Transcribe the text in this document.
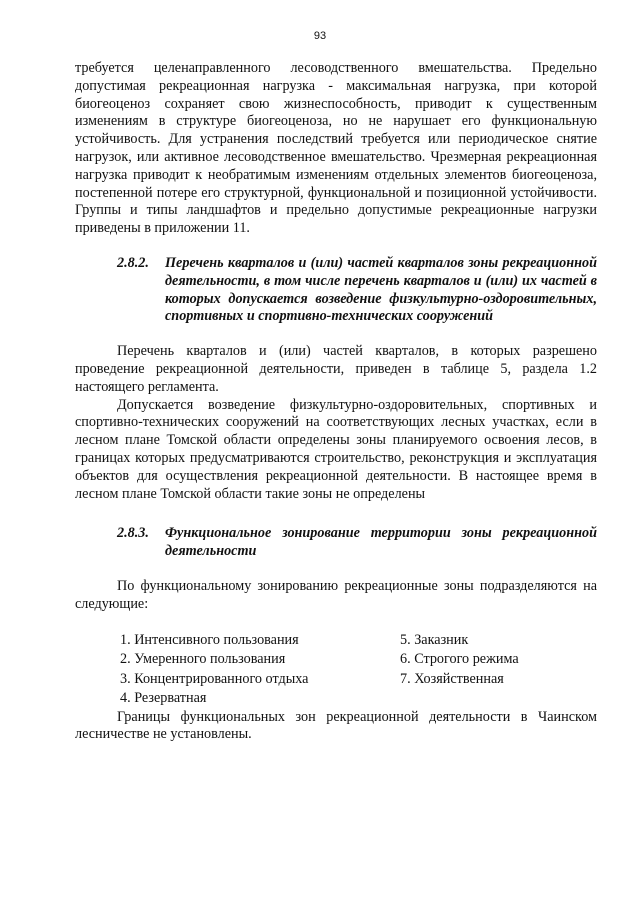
93

требуется целенаправленного лесоводственного вмешательства. Предельно допустимая рекреационная нагрузка - максимальная нагрузка, при которой биогеоценоз сохраняет свою жизнеспособность, приводит к существенным изменениям в структуре биогеоценоза, но не нарушает его функциональную устойчивость. Для устранения последствий требуется или периодическое снятие нагрузок, или активное лесоводственное вмешательство. Чрезмерная рекреационная нагрузка приводит к необратимым изменениям отдельных элементов биогеоценоза, постепенной потере его структурной, функциональной и позиционной устойчивости. Группы и типы ландшафтов и предельно допустимые рекреационные нагрузки приведены в приложении 11.

2.8.2.	Перечень кварталов и (или) частей кварталов зоны рекреационной деятельности, в том числе перечень кварталов и (или) их частей в которых допускается возведение физкультурно-оздоровительных, спортивных и спортивно-технических сооружений

Перечень кварталов и (или) частей кварталов, в которых разрешено проведение рекреационной деятельности, приведен в таблице 5, раздела 1.2 настоящего регламента.

Допускается возведение физкультурно-оздоровительных, спортивных и спортивно-технических сооружений на соответствующих лесных участках, если в лесном плане Томской области определены зоны планируемого освоения лесов, в границах которых предусматриваются строительство, реконструкция и эксплуатация объектов для осуществления рекреационной деятельности. В настоящее время в лесном плане Томской области такие зоны не определены

2.8.3.	Функциональное зонирование территории зоны рекреационной деятельности

По функциональному зонированию рекреационные зоны подразделяются на следующие:

1. Интенсивного пользования
2. Умеренного пользования
3. Концентрированного отдыха
4. Резерватная
5. Заказник
6. Строгого режима
7. Хозяйственная

Границы функциональных зон рекреационной деятельности в Чаинском лесничестве не установлены.
